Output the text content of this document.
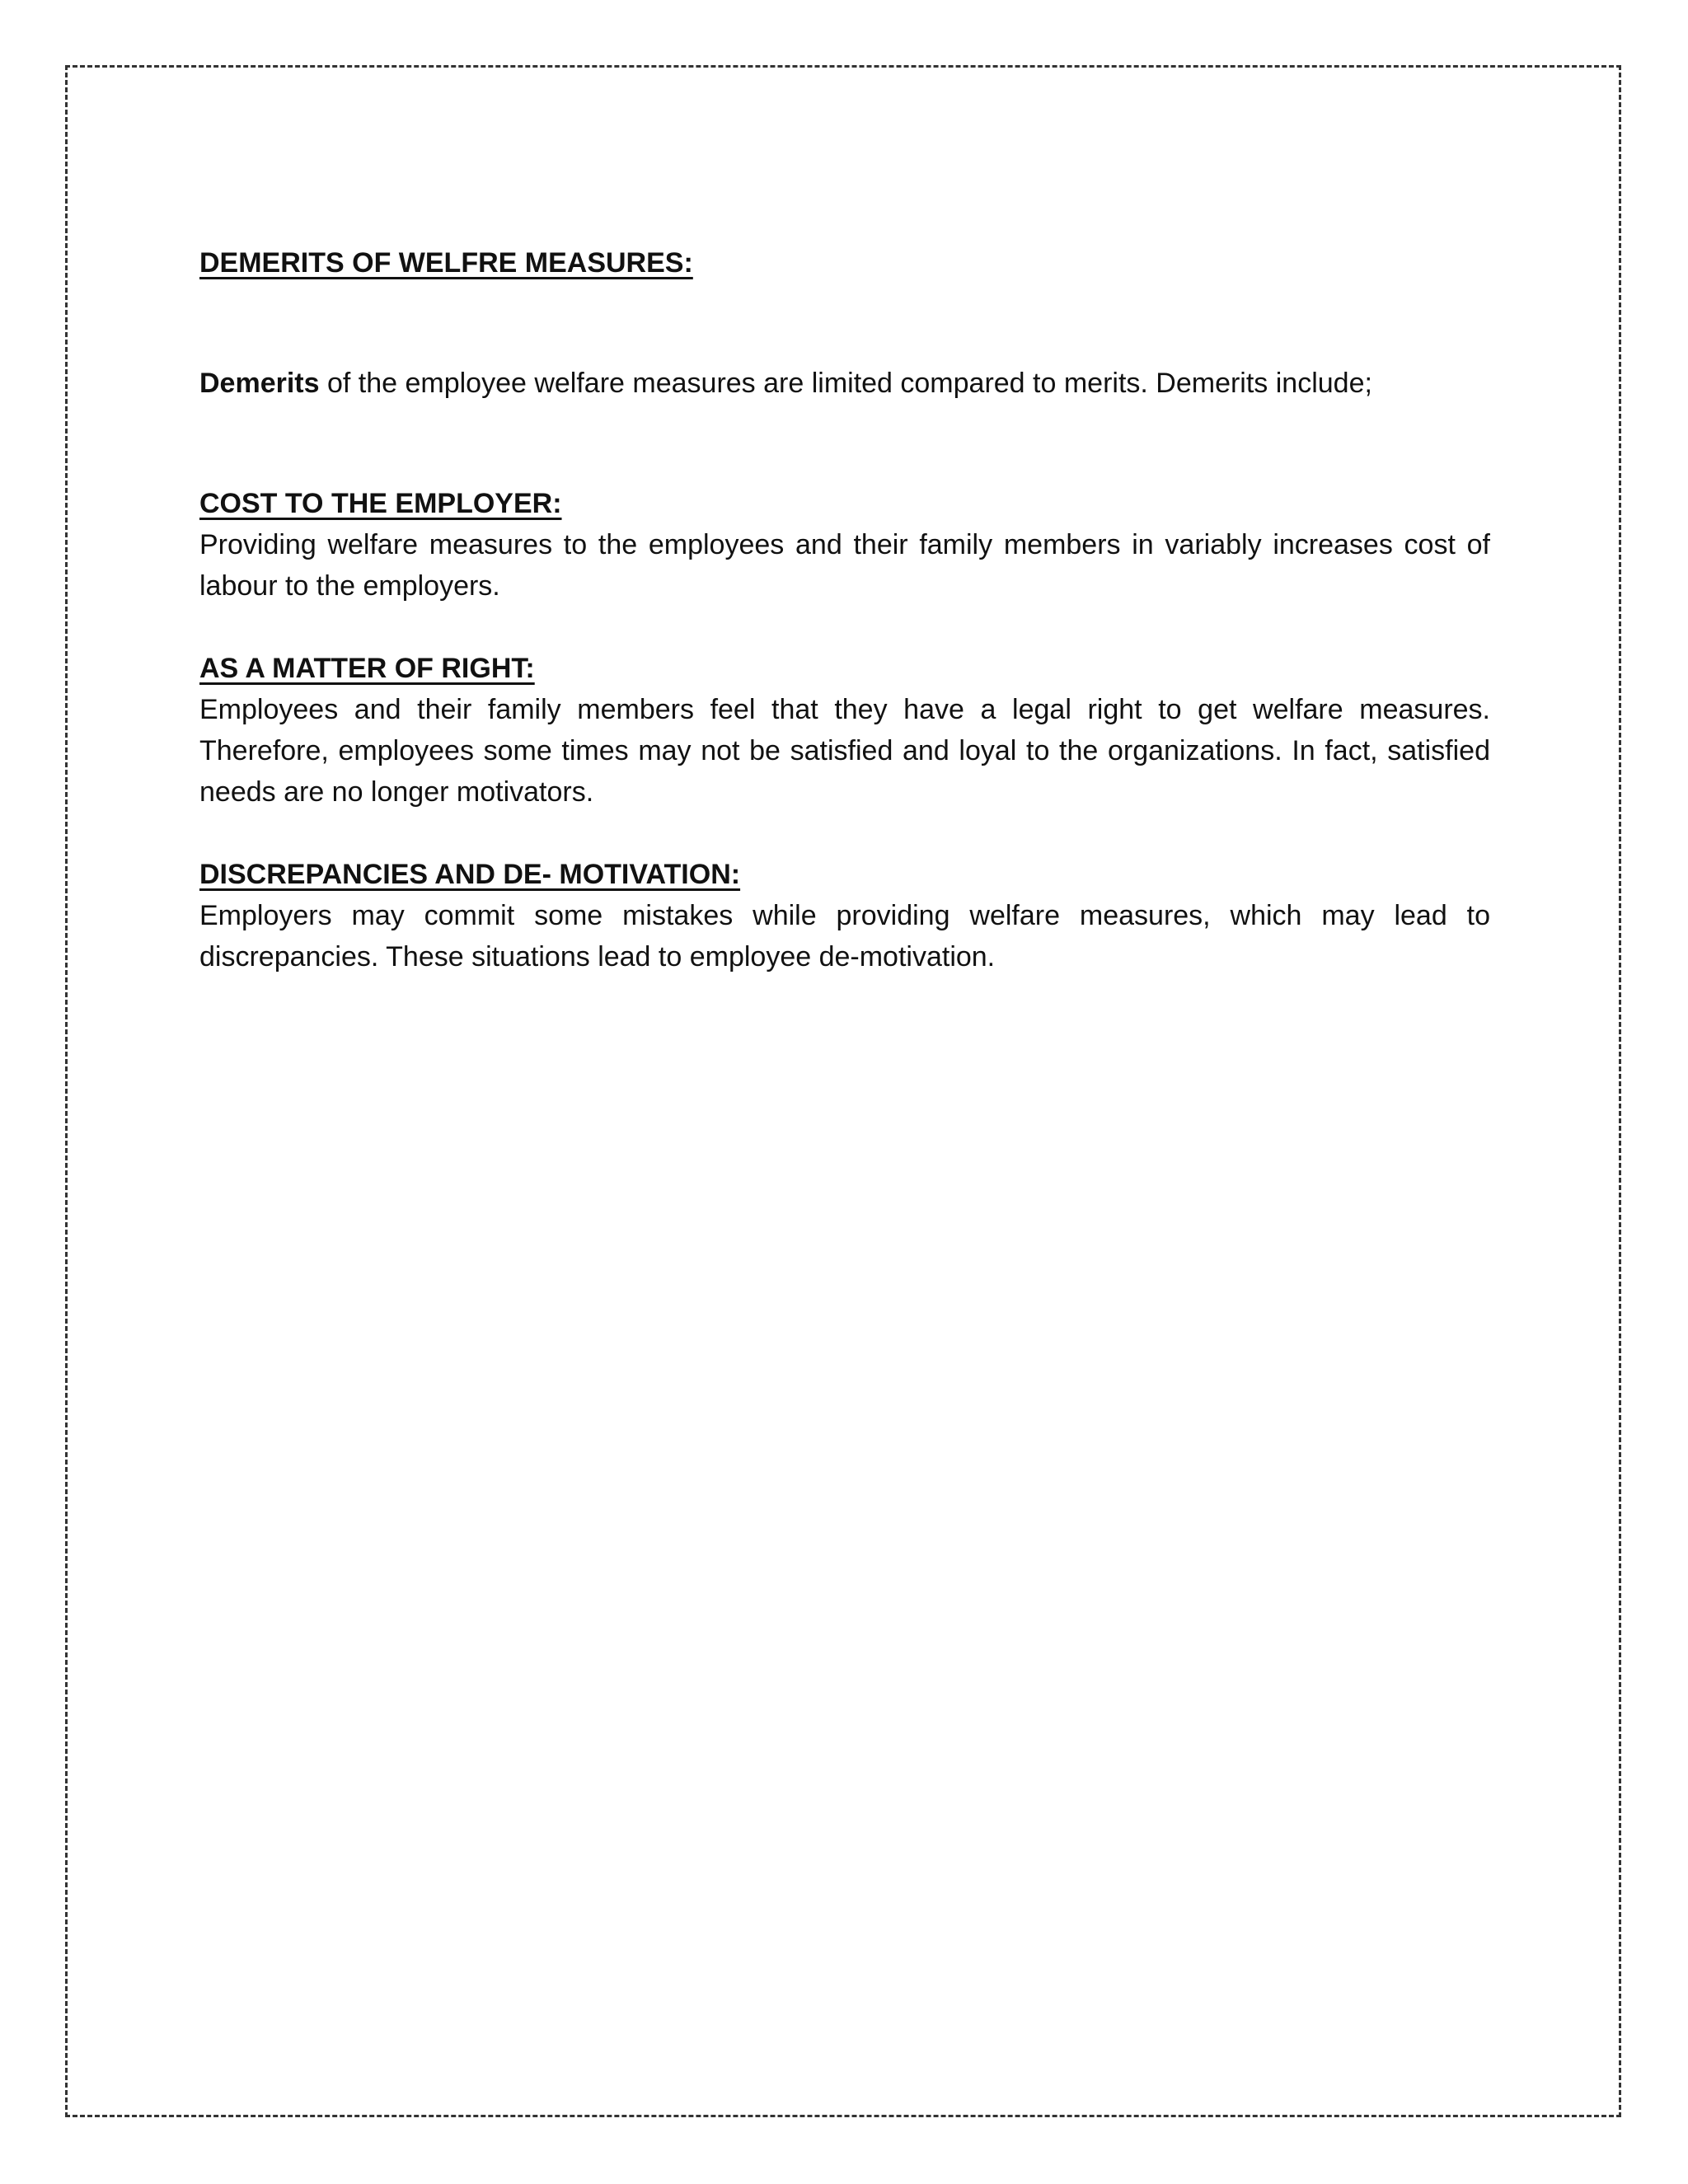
DEMERITS OF WELFRE MEASURES:

Demerits of the employee welfare measures are limited compared to merits. Demerits include;

COST TO THE EMPLOYER:

Providing welfare measures to the employees and their family members in variably increases cost of labour to the employers.

AS A MATTER OF RIGHT:

Employees and their family members feel that they have a legal right to get welfare measures. Therefore, employees some times may not be satisfied and loyal to the organizations. In fact, satisfied needs are no longer motivators.

DISCREPANCIES AND DE- MOTIVATION:

Employers may commit some mistakes while providing welfare measures, which may lead to discrepancies. These situations lead to employee de-motivation.
